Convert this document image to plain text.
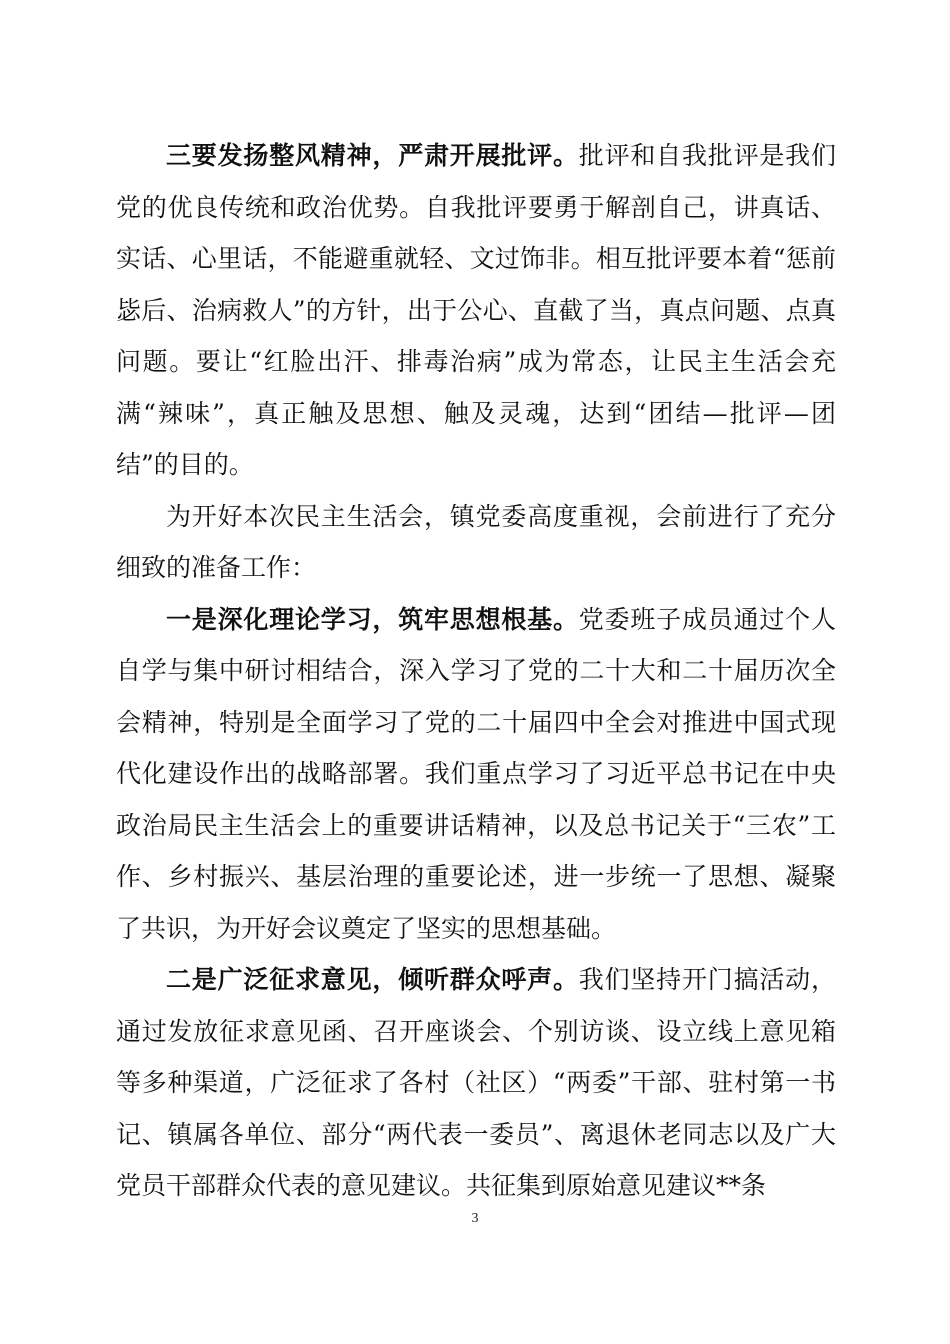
三要发扬整风精神，严肃开展批评。批评和自我批评是我们党的优良传统和政治优势。自我批评要勇于解剖自己，讲真话、实话、心里话，不能避重就轻、文过饰非。相互批评要本着“惩前毖后、治病救人”的方针，出于公心、直截了当，真点问题、点真问题。要让“红脸出汗、排毒治病”成为常态，让民主生活会充满“辣味”，真正触及思想、触及灵魂，达到“团结—批评—团结”的目的。

为开好本次民主生活会，镇党委高度重视，会前进行了充分细致的准备工作：

一是深化理论学习，筑牢思想根基。党委班子成员通过个人自学与集中研讨相结合，深入学习了党的二十大和二十届历次全会精神，特别是全面学习了党的二十届四中全会对推进中国式现代化建设作出的战略部署。我们重点学习了习近平总书记在中央政治局民主生活会上的重要讲话精神，以及总书记关于“三农”工作、乡村振兴、基层治理的重要论述，进一步统一了思想、凝聚了共识，为开好会议奠定了坚实的思想基础。

二是广泛征求意见，倾听群众呼声。我们坚持开门搞活动，通过发放征求意见函、召开座谈会、个别访谈、设立线上意见箱等多种渠道，广泛征求了各村（社区）“两委”干部、驻村第一书记、镇属各单位、部分“两代表一委员”、离退休老同志以及广大党员干部群众代表的意见建议。共征集到原始意见建议**条

3
